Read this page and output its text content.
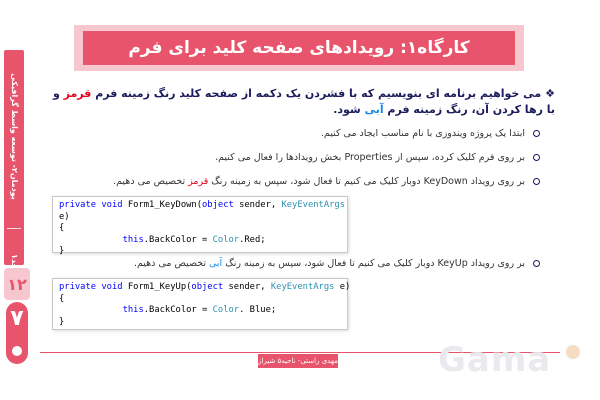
پودمان۲- توسعه واسط گرافیکی
حد۱
۱۲
۷
کارگاه۱: رویدادهای صفحه کلید برای فرم
❖می خواهیم برنامه ای بنویسیم که با فشردن یک دکمه از صفحه کلید رنگ زمینه فرم قرمز و با رها کردن آن، رنگ زمینه فرم آبی شود.
ابتدا یک پروژه ویندوزی با نام مناسب ایجاد می کنیم.
بر روی فرم کلیک کرده، سپس از Properties بخش رویدادها را فعال می کنیم.
بر روی رویداد KeyDown دوبار کلیک می کنیم تا فعال شود، سپس به زمینه رنگ قرمز تخصیص می دهیم.
private void Form1_KeyDown(object sender, KeyEventArgs
e)
{
this.BackColor = Color.Red;
}
بر روی رویداد KeyUp دوبار کلیک می کنیم تا فعال شود، سپس به زمینه رنگ آبی تخصیص می دهیم.
private void Form1_KeyUp(object sender, KeyEventArgs e)
{
this.BackColor = Color. Blue;
}
مهدی راستی- ناحیه۵ شیراز	Gama
